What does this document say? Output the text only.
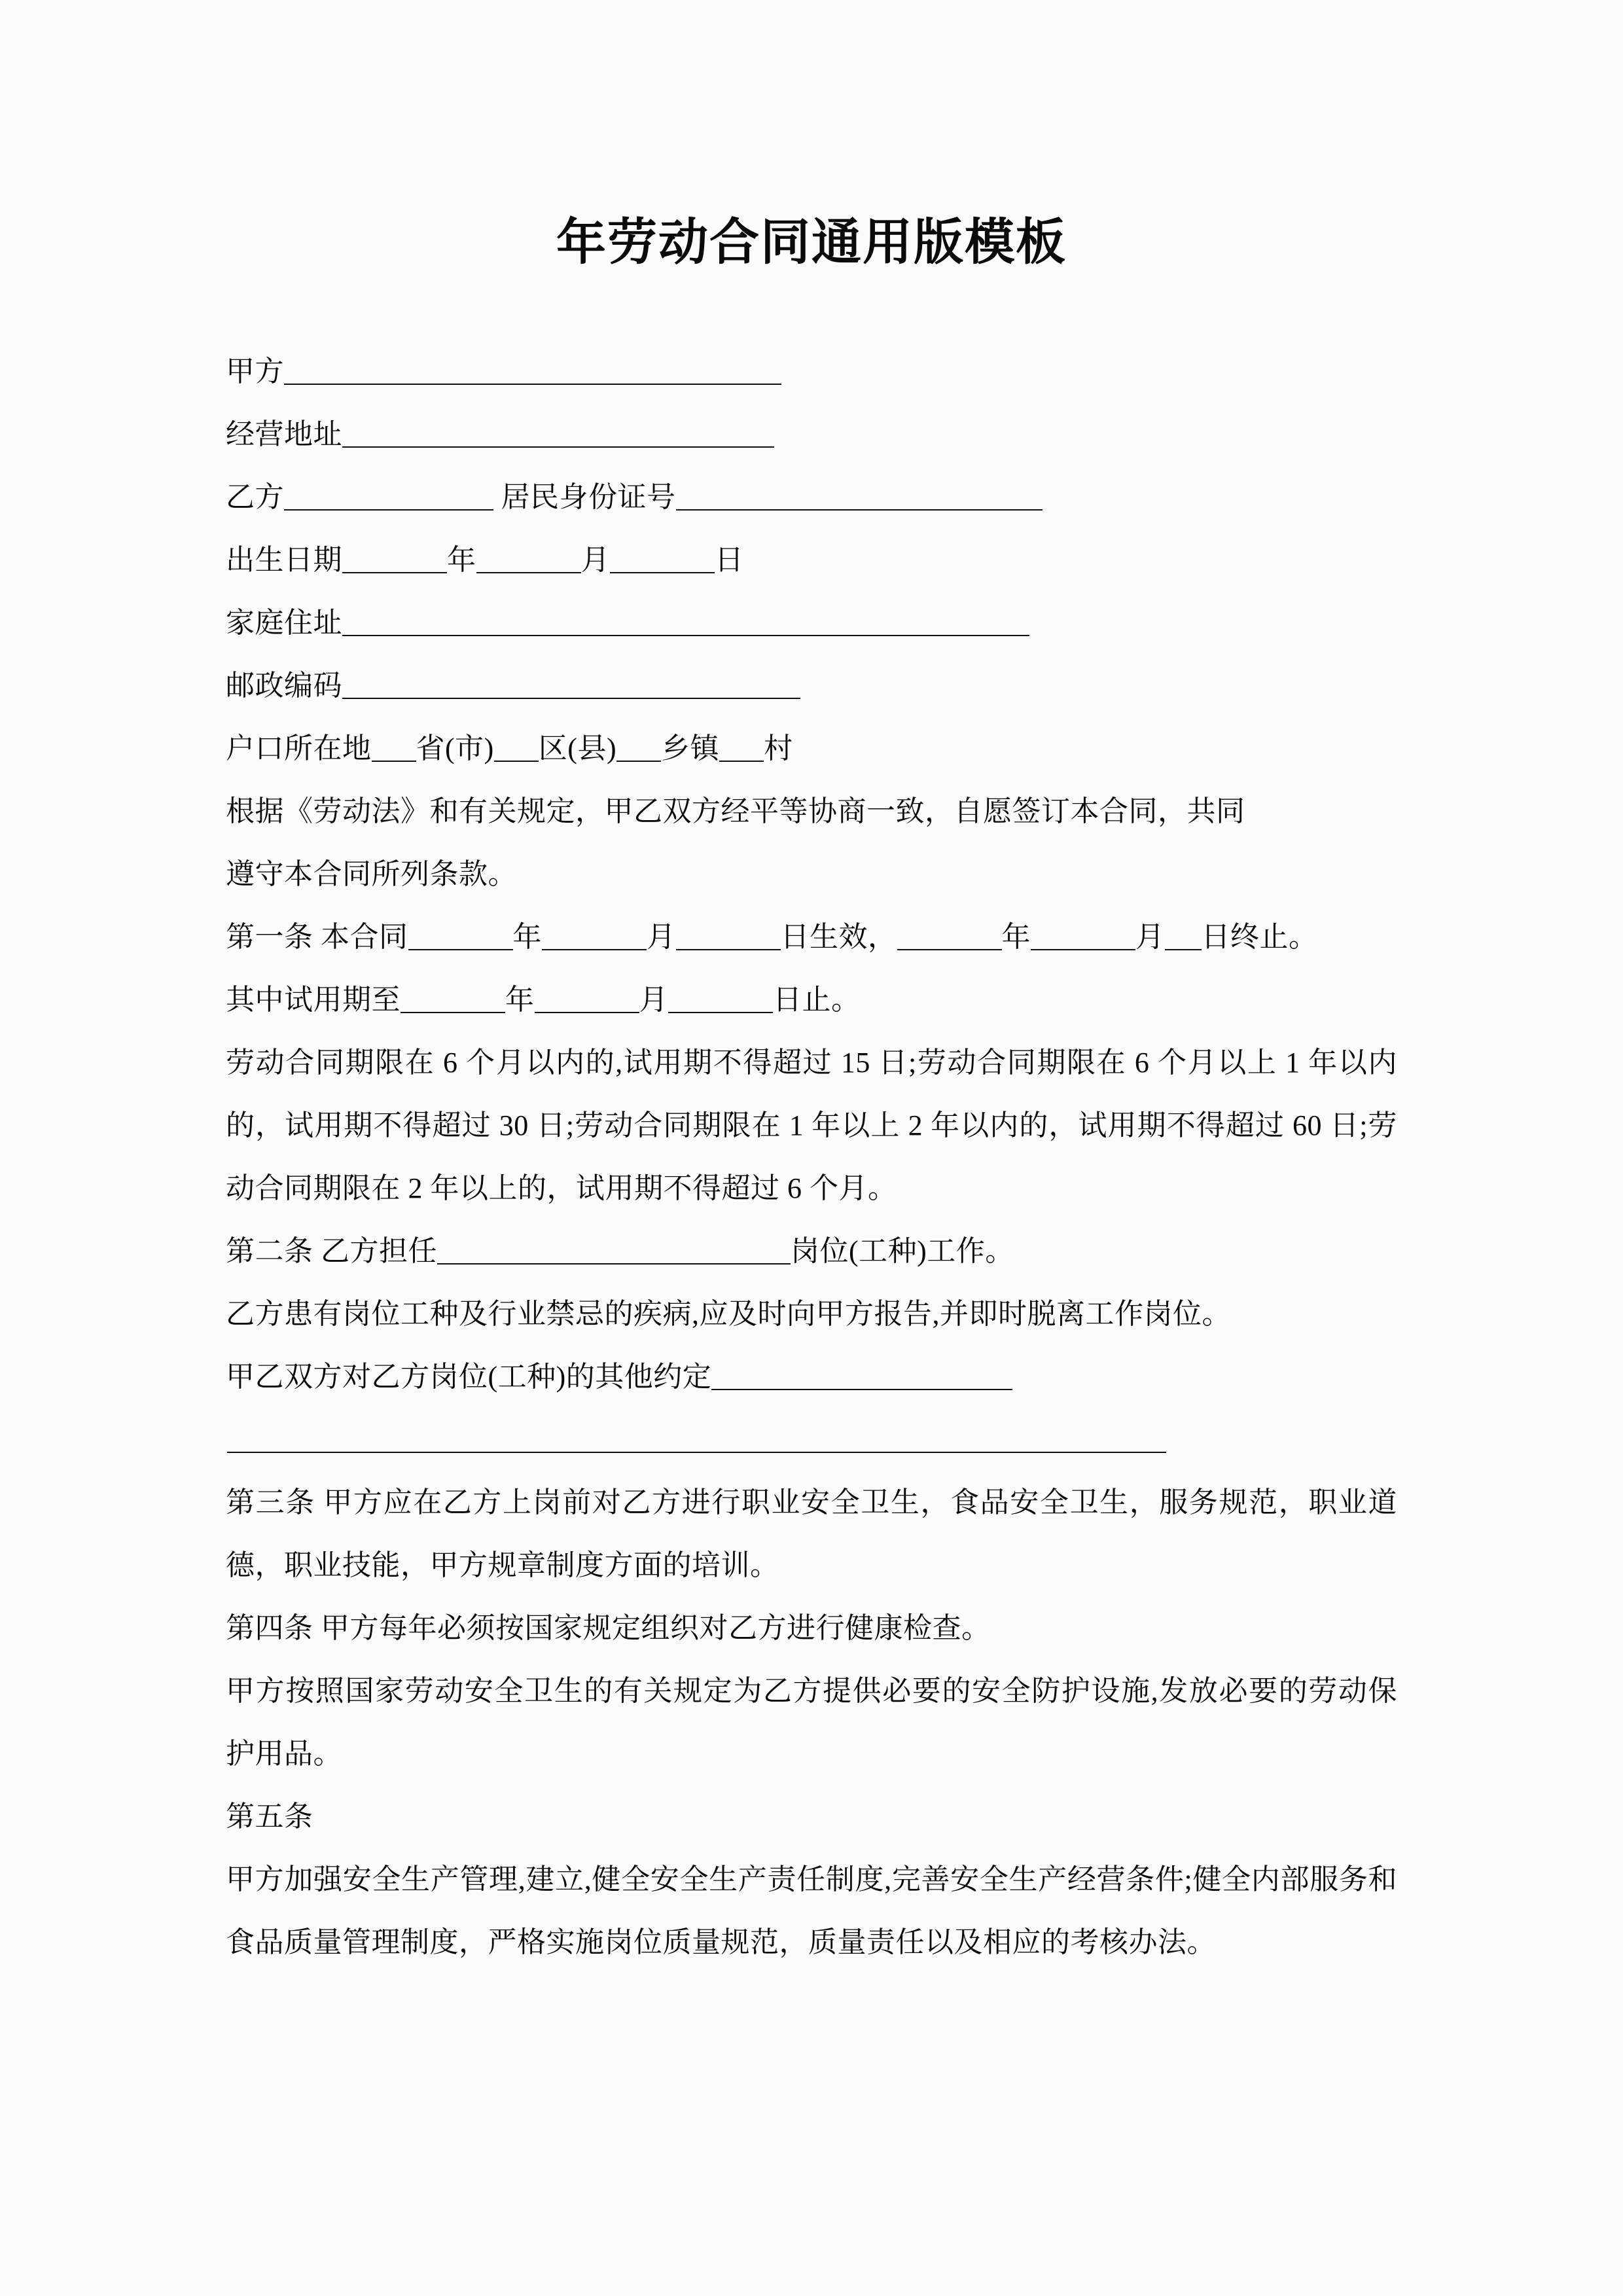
年劳动合同通用版模板
甲方
经营地址
乙方	居民身份证号
出生日期	年	月	日
家庭住址
邮政编码
户口所在地 省(市) 区(县) 乡镇 村
根据《劳动法》和有关规定，甲乙双方经平等协商一致，自愿签订本合同，共同
遵守本合同所列条款。
第一条 本合同	年	月	日生效，	年	月 日终止。
其中试用期至	年	月	日止。
劳动合同期限在 6 个月以内的,试用期不得超过 15 日;劳动合同期限在 6 个月以上 1 年以内的，试用期不得超过 30 日;劳动合同期限在 1 年以上 2 年以内的，试用期不得超过 60 日;劳动合同期限在 2 年以上的，试用期不得超过 6 个月。
第二条 乙方担任	岗位(工种)工作。
乙方患有岗位工种及行业禁忌的疾病,应及时向甲方报告,并即时脱离工作岗位。
甲乙双方对乙方岗位(工种)的其他约定
第三条 甲方应在乙方上岗前对乙方进行职业安全卫生，食品安全卫生，服务规范，职业道德，职业技能，甲方规章制度方面的培训。
第四条 甲方每年必须按国家规定组织对乙方进行健康检查。
甲方按照国家劳动安全卫生的有关规定为乙方提供必要的安全防护设施,发放必要的劳动保护用品。
第五条
甲方加强安全生产管理,建立,健全安全生产责任制度,完善安全生产经营条件;健全内部服务和食品质量管理制度，严格实施岗位质量规范，质量责任以及相应的考核办法。
